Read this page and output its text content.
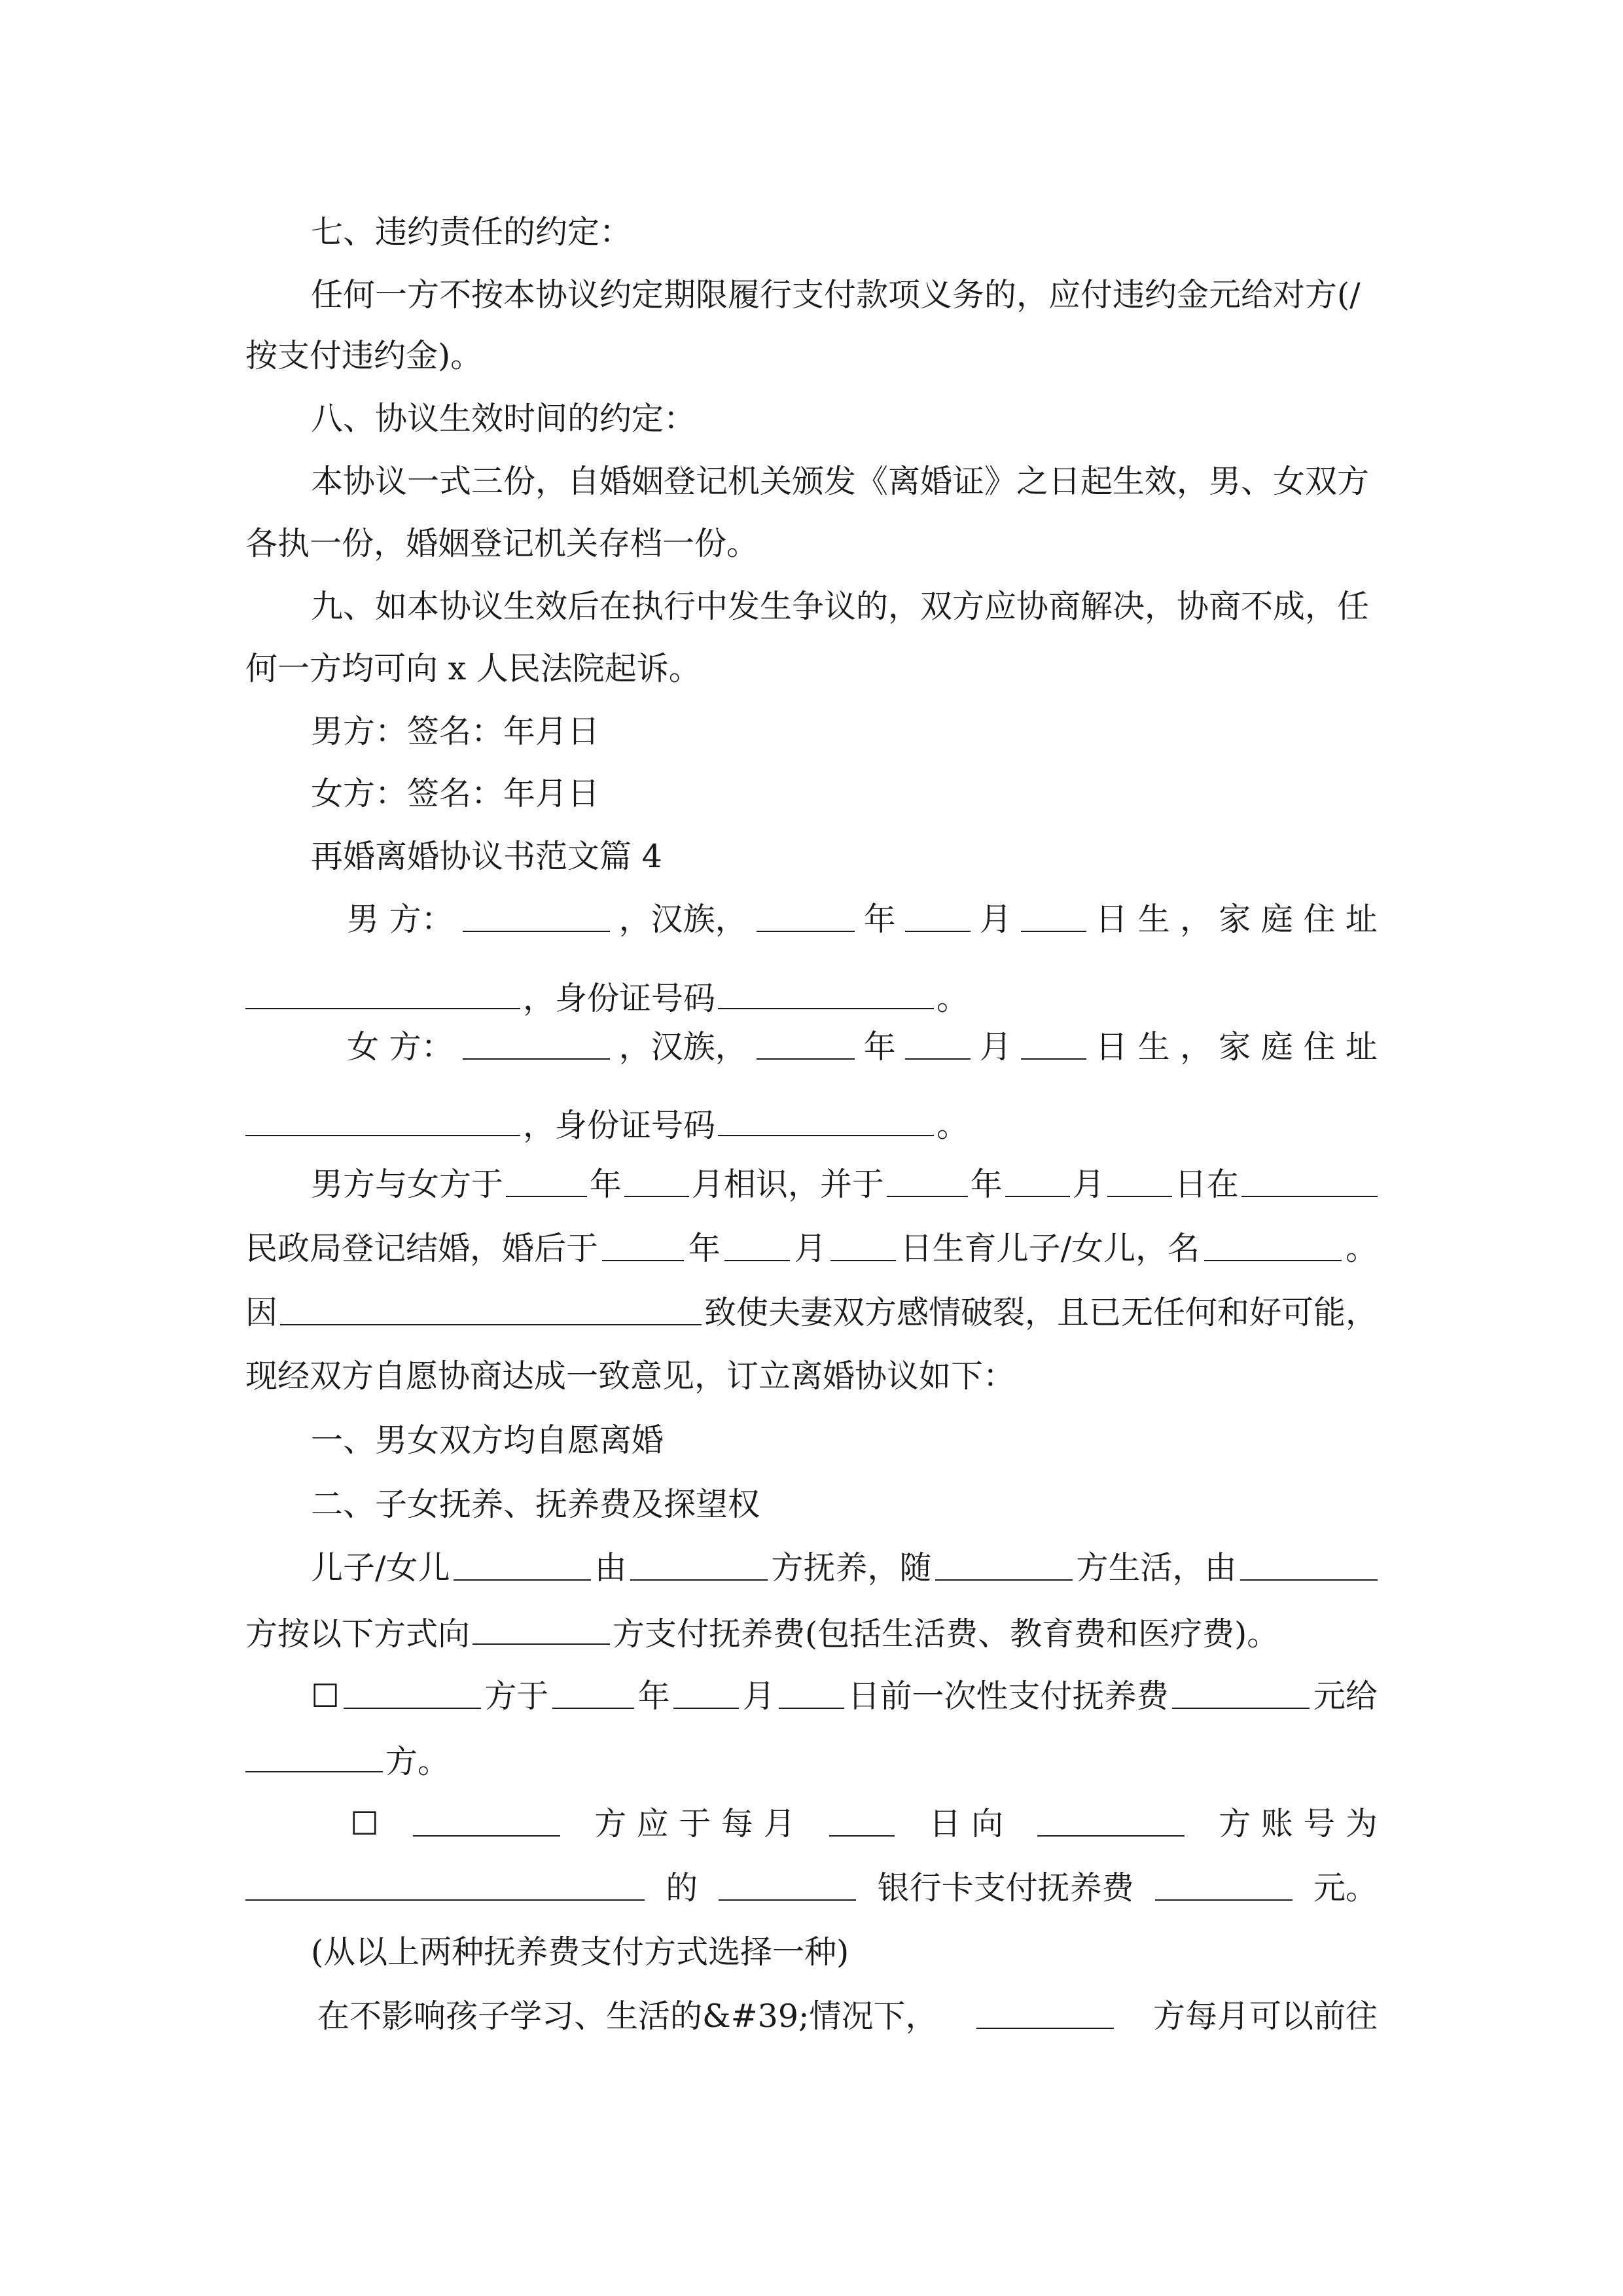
七、违约责任的约定：
任何一方不按本协议约定期限履行支付款项义务的，应付违约金元给对方(/
按支付违约金)。
八、协议生效时间的约定：
本协议一式三份，自婚姻登记机关颁发《离婚证》之日起生效，男、女双方
各执一份，婚姻登记机关存档一份。
九、如本协议生效后在执行中发生争议的，双方应协商解决，协商不成，任
何一方均可向 x 人民法院起诉。
男方：签名：年月日
女方：签名：年月日
再婚离婚协议书范文篇 4
男 方：	，汉族，	年	月	日 生 ， 家 庭 住 址
，身份证号码	。
女 方：	，汉族，	年	月	日 生 ， 家 庭 住 址
，身份证号码	。
男方与女方于	年 月相识，并于	年 月 日在
民政局登记结婚，婚后于	年 月 日生育儿子/女儿，名	。
因	致使夫妻双方感情破裂，且已无任何和好可能，
现经双方自愿协商达成一致意见，订立离婚协议如下：
一、男女双方均自愿离婚
二、子女抚养、抚养费及探望权
儿子/女儿	由	方抚养，随	方生活，由
方按以下方式向	方支付抚养费(包括生活费、教育费和医疗费)。
☐	方于	年 月 日前一次性支付抚养费	元给
方。
☐	方 应 于 每 月	日 向	方 账 号 为
的	银行卡支付抚养费	元。
(从以上两种抚养费支付方式选择一种)
在不影响孩子学习、生活的&#39;情况下，	方每月可以前往
